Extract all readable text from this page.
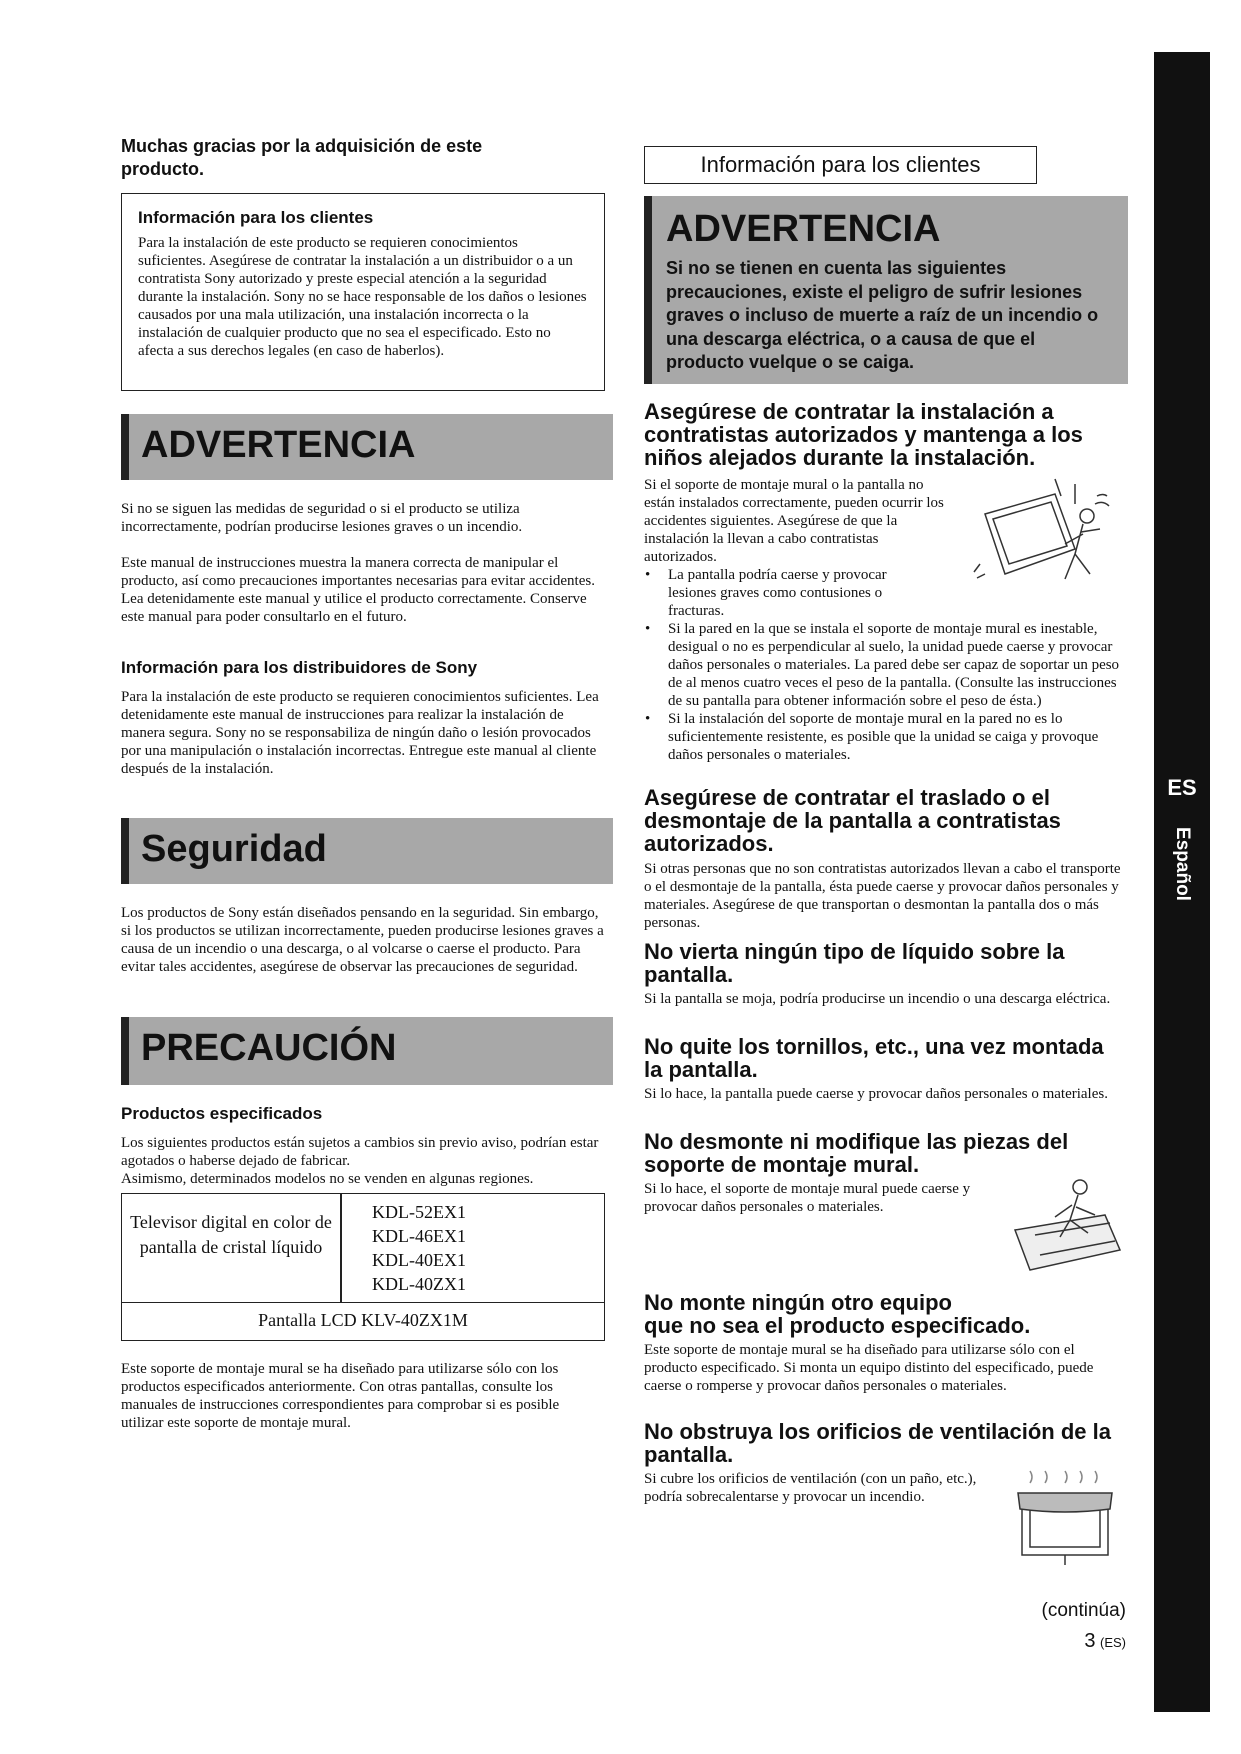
ES
Español
Muchas gracias por la adquisición de este producto.
Información para los clientes

Para la instalación de este producto se requieren conocimientos suficientes. Asegúrese de contratar la instalación a un distribuidor o a un contratista Sony autorizado y preste especial atención a la seguridad durante la instalación. Sony no se hace responsable de los daños o lesiones causados por una mala utilización, una instalación incorrecta o la instalación de cualquier producto que no sea el especificado. Esto no afecta a sus derechos legales (en caso de haberlos).

ADVERTENCIA

Si no se siguen las medidas de seguridad o si el producto se utiliza incorrectamente, podrían producirse lesiones graves o un incendio.

Este manual de instrucciones muestra la manera correcta de manipular el producto, así como precauciones importantes necesarias para evitar accidentes. Lea detenidamente este manual y utilice el producto correctamente. Conserve este manual para poder consultarlo en el futuro.

Información para los distribuidores de Sony

Para la instalación de este producto se requieren conocimientos suficientes. Lea detenidamente este manual de instrucciones para realizar la instalación de manera segura. Sony no se responsabiliza de ningún daño o lesión provocados por una manipulación o instalación incorrectas. Entregue este manual al cliente después de la instalación.

Seguridad

Los productos de Sony están diseñados pensando en la seguridad. Sin embargo, si los productos se utilizan incorrectamente, pueden producirse lesiones graves a causa de un incendio o una descarga, o al volcarse o caerse el producto. Para evitar tales accidentes, asegúrese de observar las precauciones de seguridad.

PRECAUCIÓN
Productos especificados

Los siguientes productos están sujetos a cambios sin previo aviso, podrían estar agotados o haberse dejado de fabricar.

Asimismo, determinados modelos no se venden en algunas regiones.

Televisor digital en color de pantalla de cristal líquido
KDL-52EX1
KDL-46EX1
KDL-40EX1
KDL-40ZX1
Pantalla LCD KLV-40ZX1M

Este soporte de montaje mural se ha diseñado para utilizarse sólo con los productos especificados anteriormente. Con otras pantallas, consulte los manuales de instrucciones correspondientes para comprobar si es posible utilizar este soporte de montaje mural.

Información para los clientes
ADVERTENCIA
Si no se tienen en cuenta las siguientes precauciones, existe el peligro de sufrir lesiones graves o incluso de muerte a raíz de un incendio o una descarga eléctrica, o a causa de que el producto vuelque o se caiga.
Asegúrese de contratar la instalación a contratistas autorizados y mantenga a los niños alejados durante la instalación.

Si el soporte de montaje mural o la pantalla no están instalados correctamente, pueden ocurrir los accidentes siguientes. Asegúrese de que la instalación la llevan a cabo contratistas autorizados.

• La pantalla podría caerse y provocar lesiones graves como contusiones o fracturas.
• Si la pared en la que se instala el soporte de montaje mural es inestable, desigual o no es perpendicular al suelo, la unidad puede caerse y provocar daños personales o materiales. La pared debe ser capaz de soportar un peso de al menos cuatro veces el peso de la pantalla. (Consulte las instrucciones de su pantalla para obtener información sobre el peso de ésta.)
• Si la instalación del soporte de montaje mural en la pared no es lo suficientemente resistente, es posible que la unidad se caiga y provoque daños personales o materiales.
Asegúrese de contratar el traslado o el desmontaje de la pantalla a contratistas autorizados.

Si otras personas que no son contratistas autorizados llevan a cabo el transporte o el desmontaje de la pantalla, ésta puede caerse y provocar daños personales y materiales. Asegúrese de que transportan o desmontan la pantalla dos o más personas.

No vierta ningún tipo de líquido sobre la pantalla.

Si la pantalla se moja, podría producirse un incendio o una descarga eléctrica.

No quite los tornillos, etc., una vez montada la pantalla.

Si lo hace, la pantalla puede caerse y provocar daños personales o materiales.

No desmonte ni modifique las piezas del soporte de montaje mural.

Si lo hace, el soporte de montaje mural puede caerse y provocar daños personales o materiales.

No monte ningún otro equipo
que no sea el producto especificado.

Este soporte de montaje mural se ha diseñado para utilizarse sólo con el producto especificado. Si monta un equipo distinto del especificado, puede caerse o romperse y provocar daños personales o materiales.

No obstruya los orificios de ventilación de la pantalla.

Si cubre los orificios de ventilación (con un paño, etc.), podría sobrecalentarse y provocar un incendio.

(continúa)
3 (ES)
